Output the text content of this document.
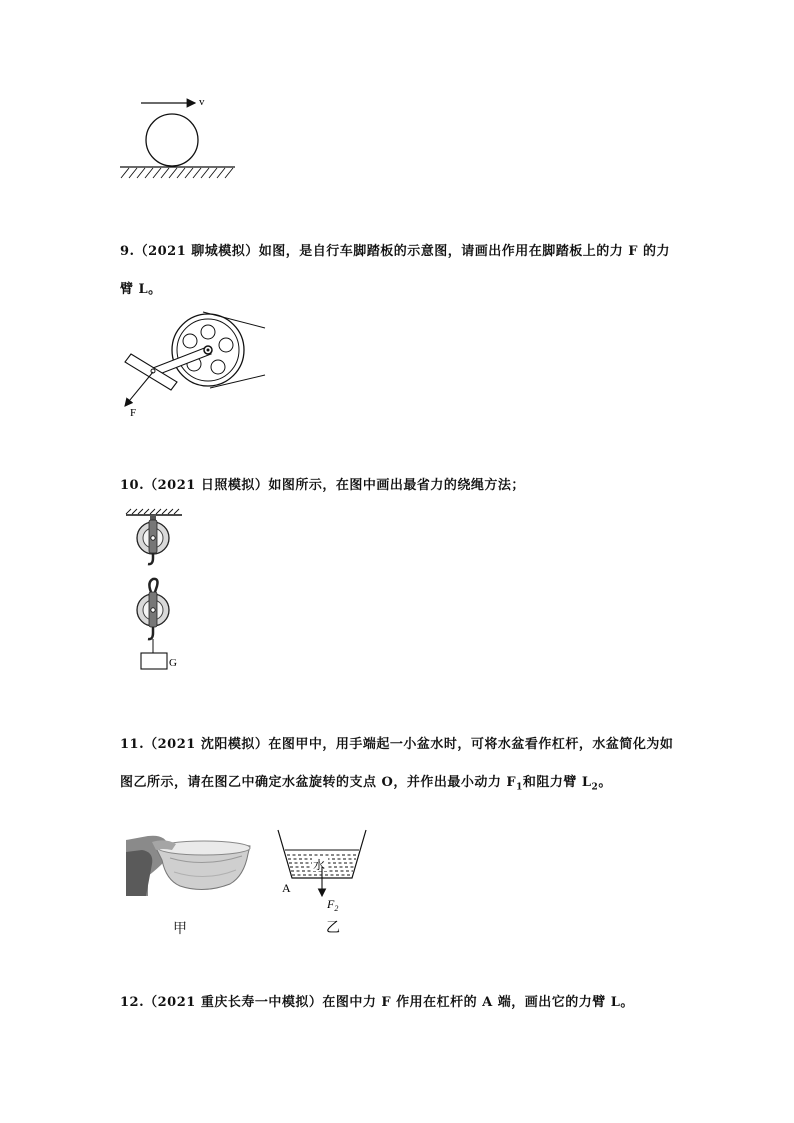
v
9.（2021 聊城模拟）如图，是自行车脚踏板的示意图，请画出作用在脚踏板上的力 F 的力
臂 L。
F
10.（2021 日照模拟）如图所示，在图中画出最省力的绕绳方法；
G
11.（2021 沈阳模拟）在图甲中，用手端起一小盆水时，可将水盆看作杠杆，水盆简化为如
图乙所示，请在图乙中确定水盆旋转的支点 O，并作出最小动力 $F_1$和阻力臂 $L_2$。
甲
水
A
$F_2$
乙
12.（2021 重庆长寿一中模拟）在图中力 F 作用在杠杆的 A 端，画出它的力臂 L。
